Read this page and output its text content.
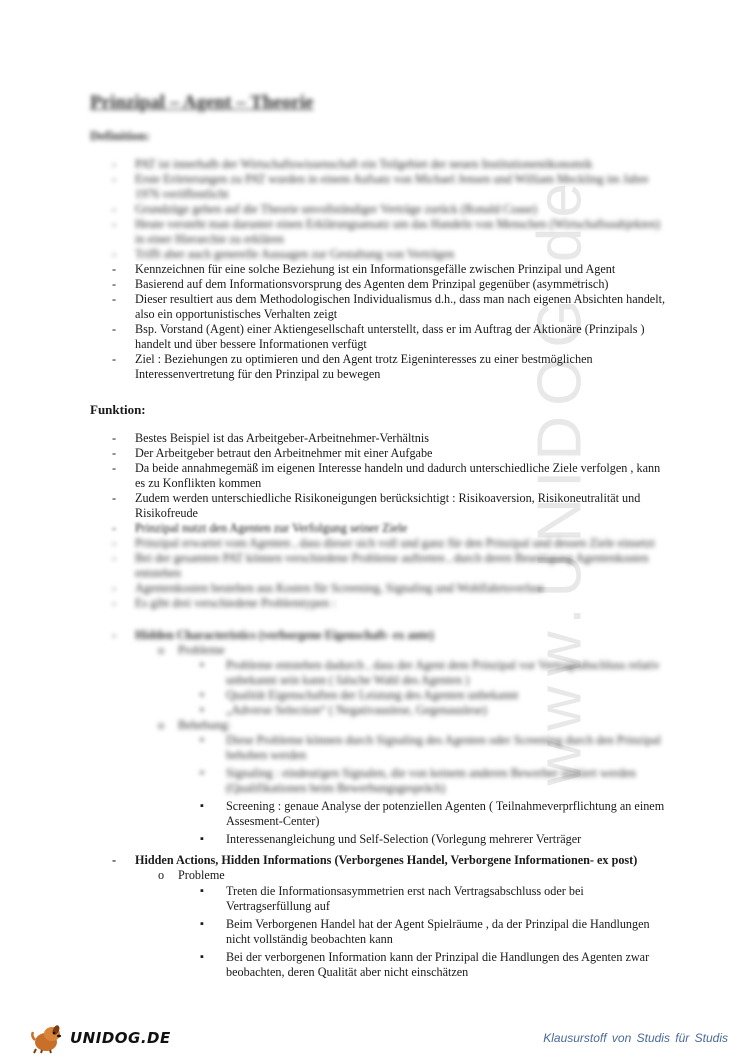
www.UNIDOG.de
Prinzipal – Agent – Theorie
Definition:
- PAT ist innerhalb der Wirtschaftswissenschaft ein Teilgebiet der neuen Institutionenökonomik
- Erste Erörterungen zu PAT wurden in einem Aufsatz von Michael Jensen und William Meckling im Jahre 1976 veröffentlicht
- Grundzüge gehen auf die Theorie unvollständiger Verträge zurück (Ronald Coase)
- Heute versteht man darunter einen Erklärungsansatz um das Handeln von Menschen (Wirtschaftssubjekten) in einer Hierarchie zu erklären
- Trifft aber auch generelle Aussagen zur Gestaltung von Verträgen
- Kennzeichnen für eine solche Beziehung ist ein Informationsgefälle zwischen Prinzipal und Agent
- Basierend auf dem Informationsvorsprung des Agenten dem Prinzipal gegenüber (asymmetrisch)
- Dieser resultiert aus dem Methodologischen Individualismus d.h., dass man nach eigenen Absichten handelt, also ein opportunistisches Verhalten zeigt
- Bsp. Vorstand (Agent) einer Aktiengesellschaft unterstellt, dass er im Auftrag der Aktionäre (Prinzipals ) handelt und über bessere Informationen verfügt
- Ziel : Beziehungen zu optimieren und den Agent trotz Eigeninteresses zu einer bestmöglichen Interessenvertretung für den Prinzipal zu bewegen
Funktion:
- Bestes Beispiel ist das Arbeitgeber-Arbeitnehmer-Verhältnis
- Der Arbeitgeber betraut den Arbeitnehmer mit einer Aufgabe
- Da beide annahmegemäß im eigenen Interesse handeln und dadurch unterschiedliche Ziele verfolgen , kann es zu Konflikten kommen
- Zudem werden unterschiedliche Risikoneigungen berücksichtigt : Risikoaversion, Risikoneutralität und Risikofreude
- Prinzipal nutzt den Agenten zur Verfolgung seiner Ziele
- Prinzipal erwartet vom Agenten , dass dieser sich voll und ganz für den Prinzipal und dessen Ziele einsetzt
- Bei der gesamten PAT können verschiedene Probleme auftreten , durch deren Beseitigung Agentenkosten entstehen
- Agentenkosten bestehen aus Kosten für Screening, Signaling und Wohlfahrtsverlust
- Es gibt drei verschiedene Problemtypen :
- Hidden Characteristics (verborgene Eigenschaft- ex ante)
o Probleme
▪ Probleme entstehen dadurch , dass der Agent dem Prinzipal vor Vertragsabschluss relativ unbekannt sein kann ( falsche Wahl des Agenten )
▪ Qualität Eigenschaften der Leistung des Agenten unbekannt
▪ „Adverse Selection“ ( Negativauslese, Gegenauslese)
o Behebung:
▪ Diese Probleme können durch Signaling des Agenten oder Screening durch den Prinzipal behoben werden
▪ Signaling : eindeutigen Signalen, die von keinem anderen Bewerber imitiert werden (Qualifikationen beim Bewerbungsgespräch)
▪ Screening : genaue Analyse der potenziellen Agenten ( Teilnahmeverprflichtung an einem Assesment-Center)
▪ Interessenangleichung und Self-Selection (Vorlegung mehrerer Verträger
- Hidden Actions, Hidden Informations (Verborgenes Handel, Verborgene Informationen- ex post)
o Probleme
▪ Treten die Informationsasymmetrien erst nach Vertragsabschluss oder bei Vertragserfüllung auf
▪ Beim Verborgenen Handel hat der Agent Spielräume , da der Prinzipal die Handlungen nicht vollständig beobachten kann
▪ Bei der verborgenen Information kann der Prinzipal die Handlungen des Agenten zwar beobachten, deren Qualität aber nicht einschätzen
UNIDOG.DE	Klausurstoff von Studis für Studis
